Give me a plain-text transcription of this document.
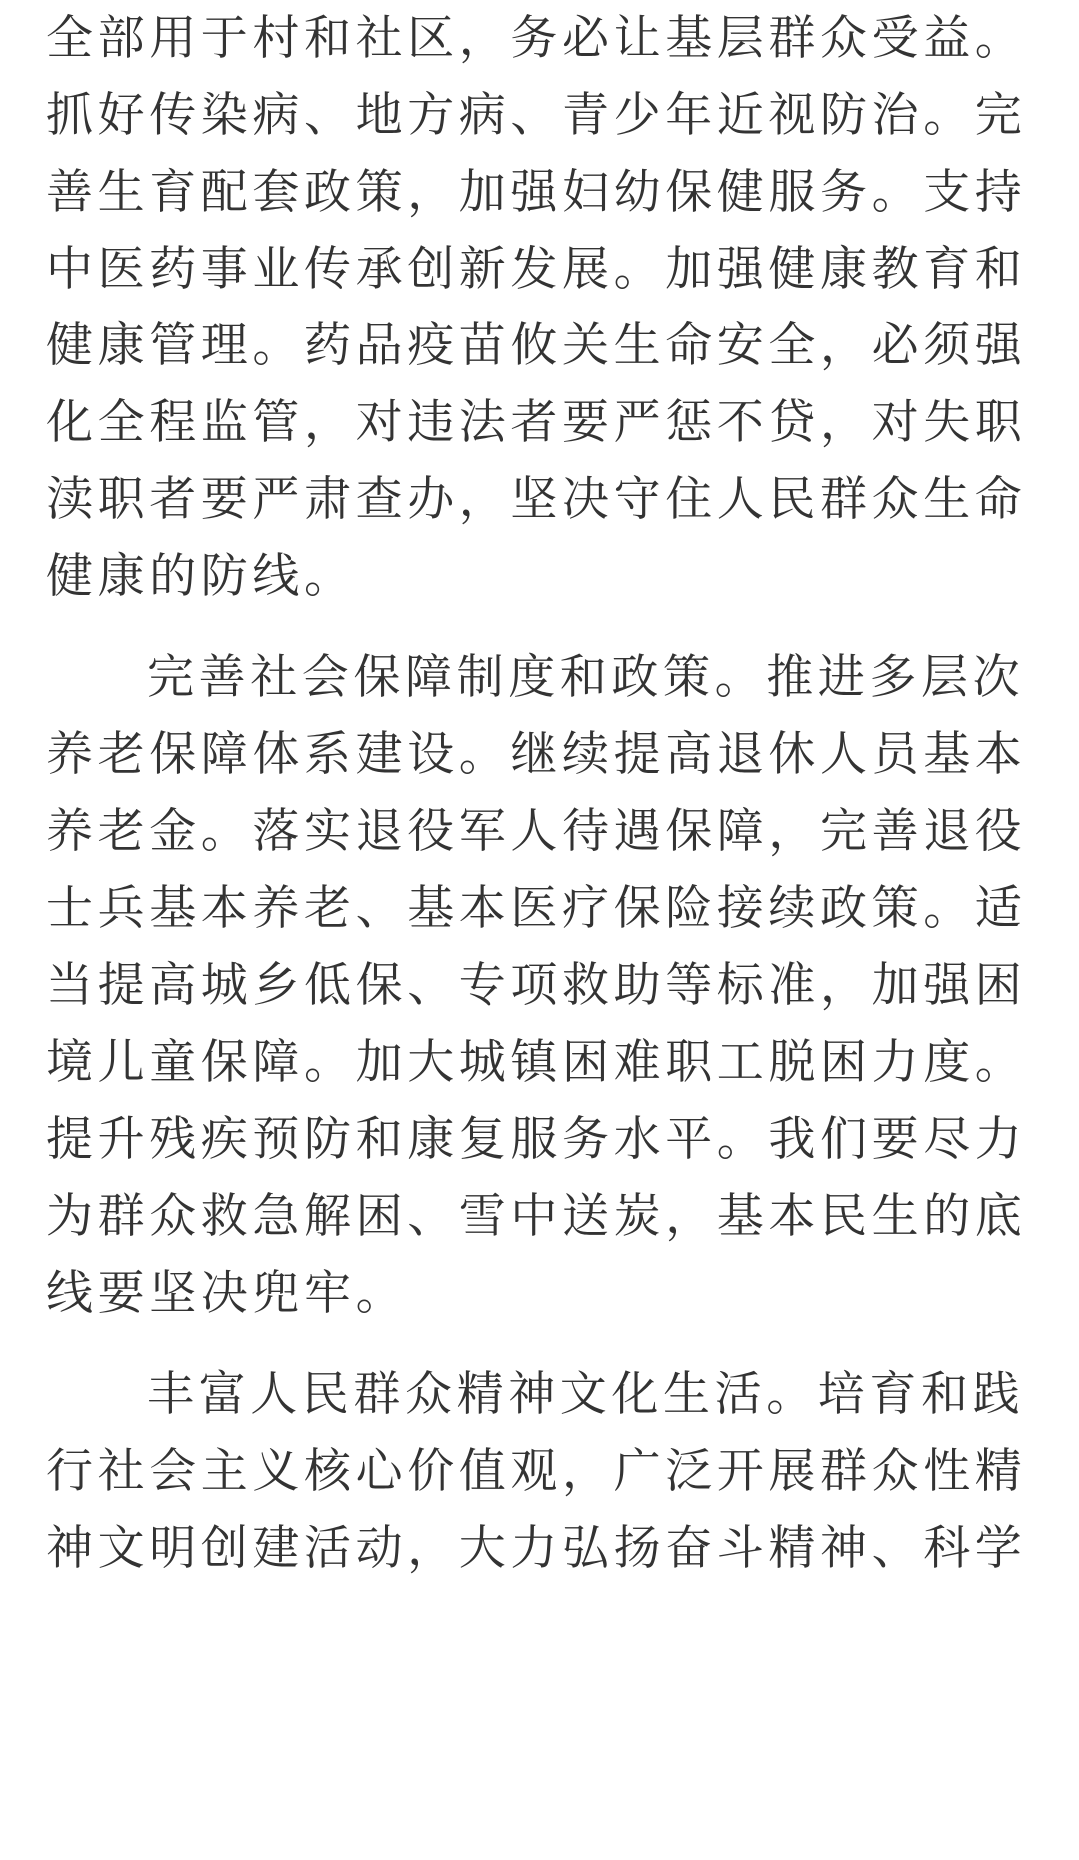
全部用于村和社区，务必让基层群众受益。
抓好传染病、地方病、青少年近视防治。完
善生育配套政策，加强妇幼保健服务。支持
中医药事业传承创新发展。加强健康教育和
健康管理。药品疫苗攸关生命安全，必须强
化全程监管，对违法者要严惩不贷，对失职
渎职者要严肃查办，坚决守住人民群众生命
健康的防线。
完善社会保障制度和政策。推进多层次
养老保障体系建设。继续提高退休人员基本
养老金。落实退役军人待遇保障，完善退役
士兵基本养老、基本医疗保险接续政策。适
当提高城乡低保、专项救助等标准，加强困
境儿童保障。加大城镇困难职工脱困力度。
提升残疾预防和康复服务水平。我们要尽力
为群众救急解困、雪中送炭，基本民生的底
线要坚决兜牢。
丰富人民群众精神文化生活。培育和践
行社会主义核心价值观，广泛开展群众性精
神文明创建活动，大力弘扬奋斗精神、科学
